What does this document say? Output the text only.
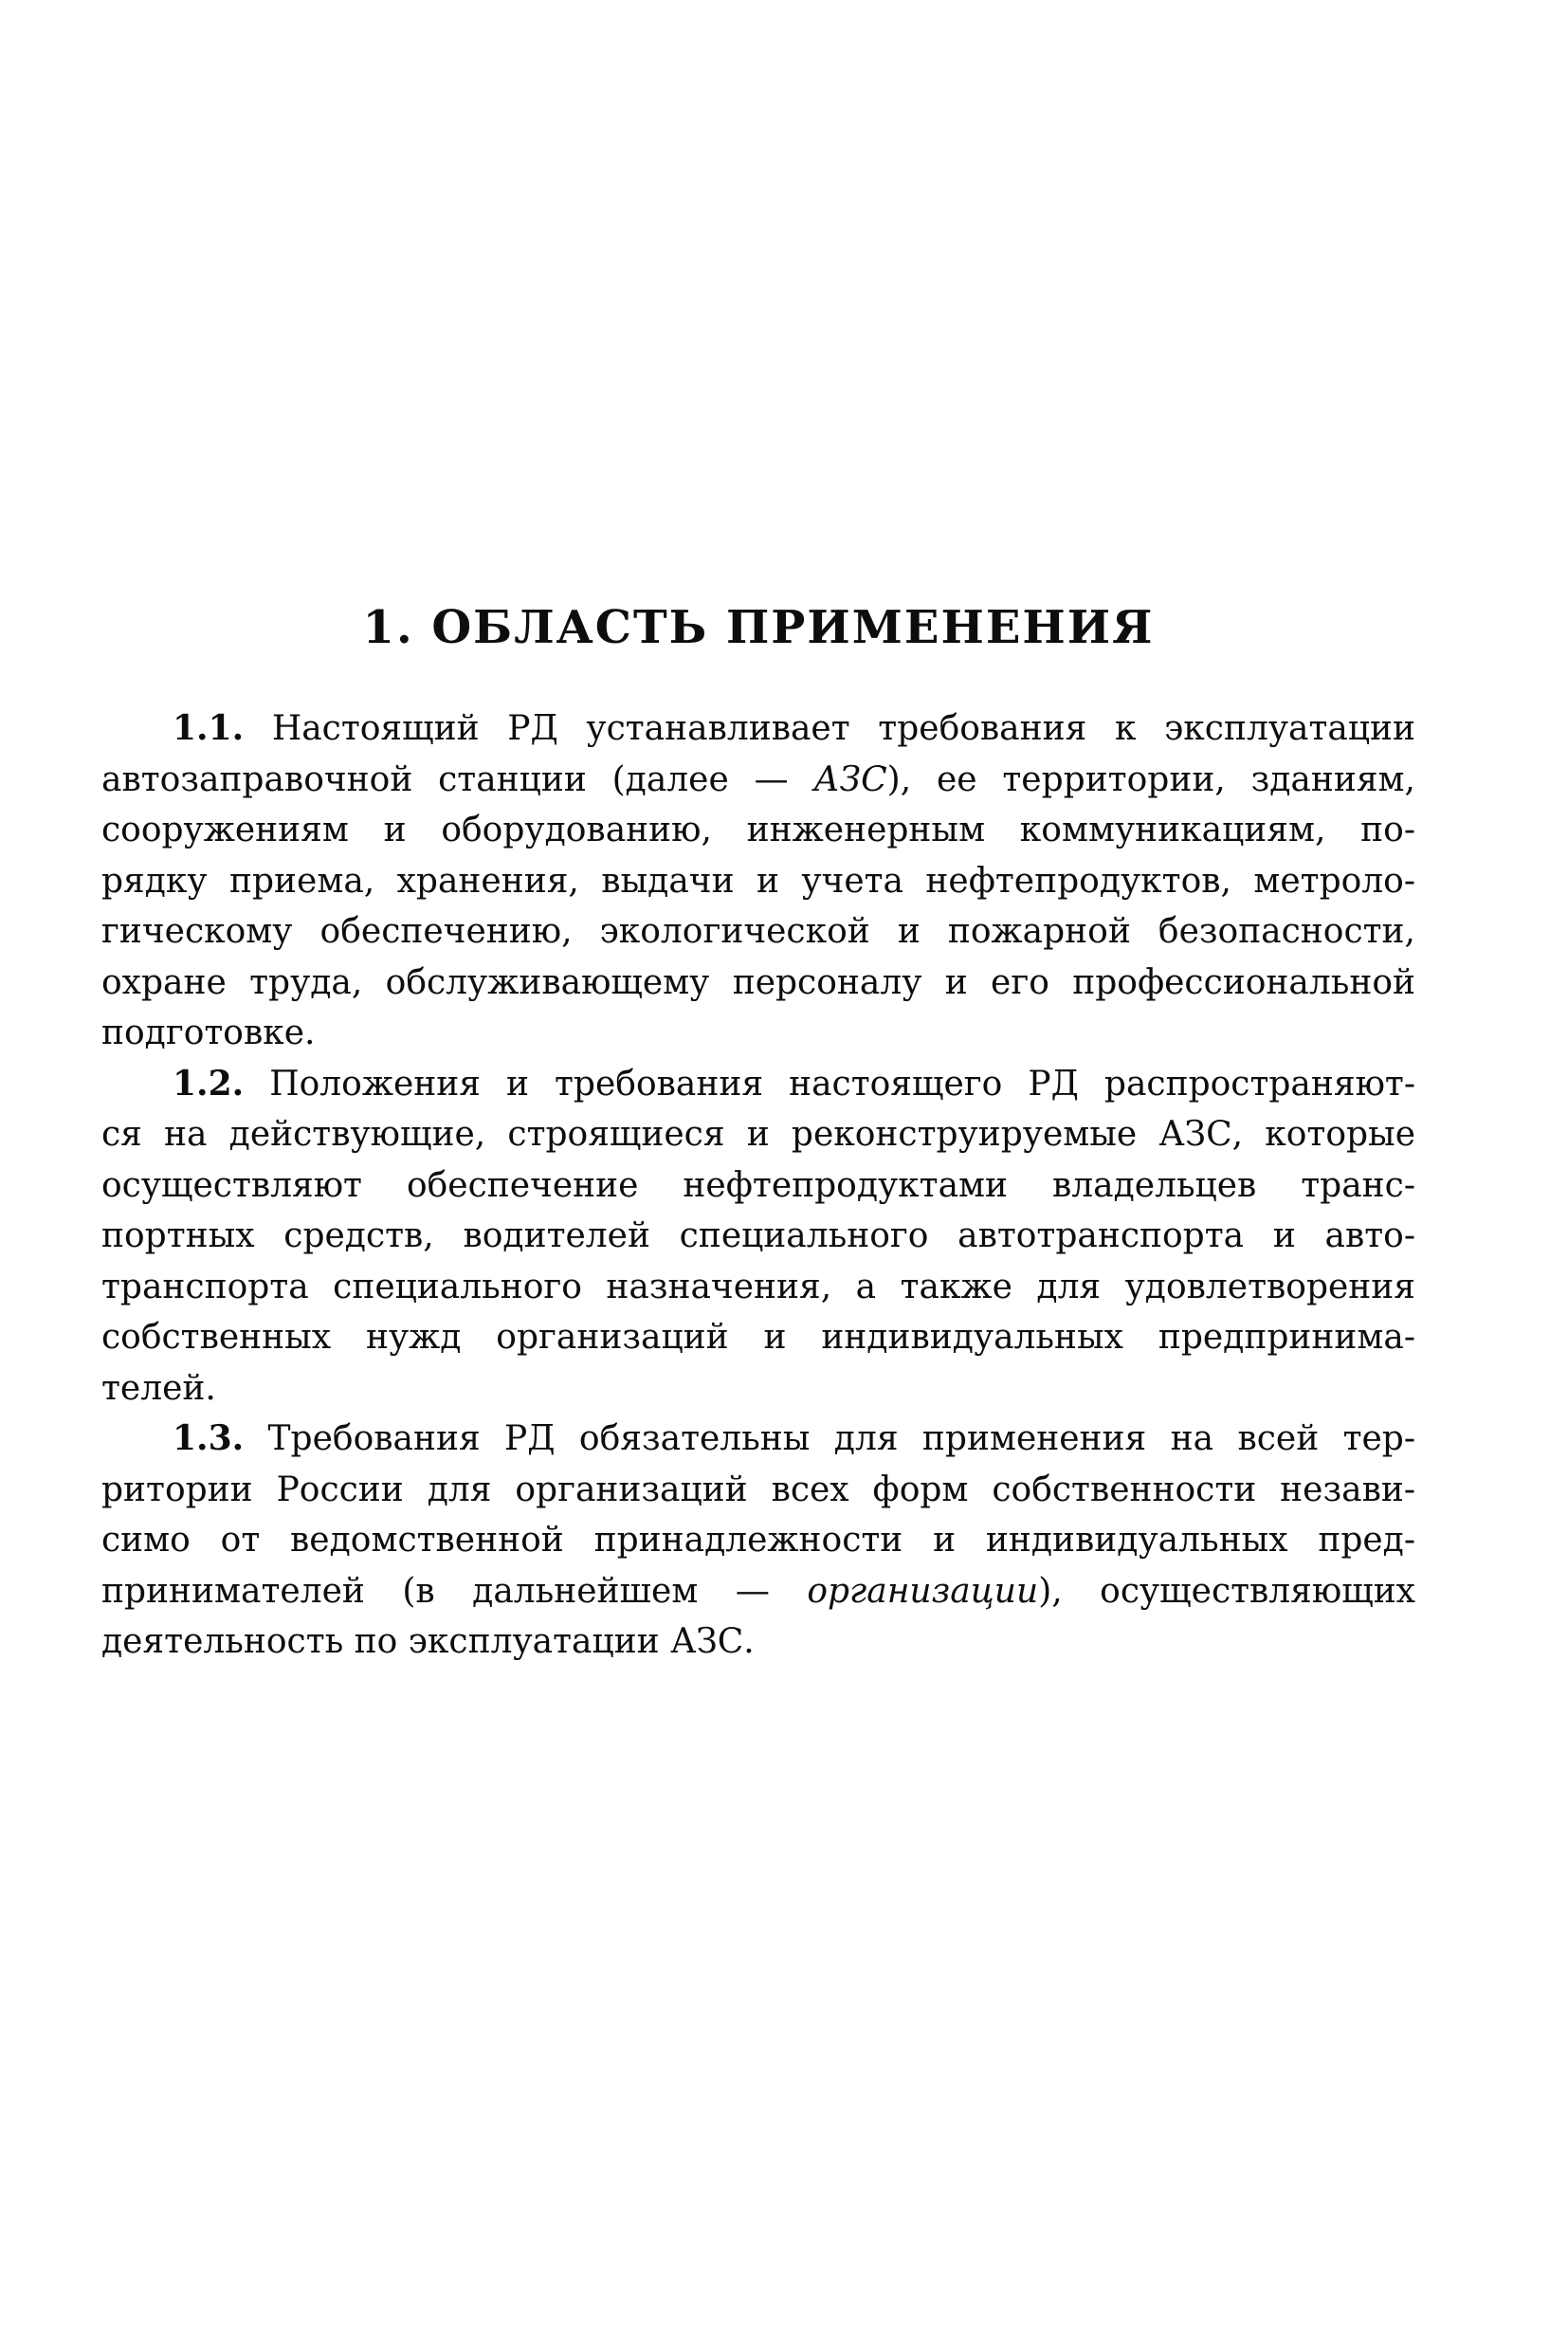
1. ОБЛАСТЬ ПРИМЕНЕНИЯ
1.1. Настоящий РД устанавливает требования к эксплуатации
автозаправочной станции (далее — АЗС), ее территории, зданиям,
сооружениям и оборудованию, инженерным коммуникациям, по-
рядку приема, хранения, выдачи и учета нефтепродуктов, метроло-
гическому обеспечению, экологической и пожарной безопасности,
охране труда, обслуживающему персоналу и его профессиональной
подготовке.
1.2. Положения и требования настоящего РД распространяют-
ся на действующие, строящиеся и реконструируемые АЗС, которые
осуществляют обеспечение нефтепродуктами владельцев транс-
портных средств, водителей специального автотранспорта и авто-
транспорта специального назначения, а также для удовлетворения
собственных нужд организаций и индивидуальных предпринима-
телей.
1.3. Требования РД обязательны для применения на всей тер-
ритории России для организаций всех форм собственности незави-
симо от ведомственной принадлежности и индивидуальных пред-
принимателей (в дальнейшем — организации), осуществляющих
деятельность по эксплуатации АЗС.
